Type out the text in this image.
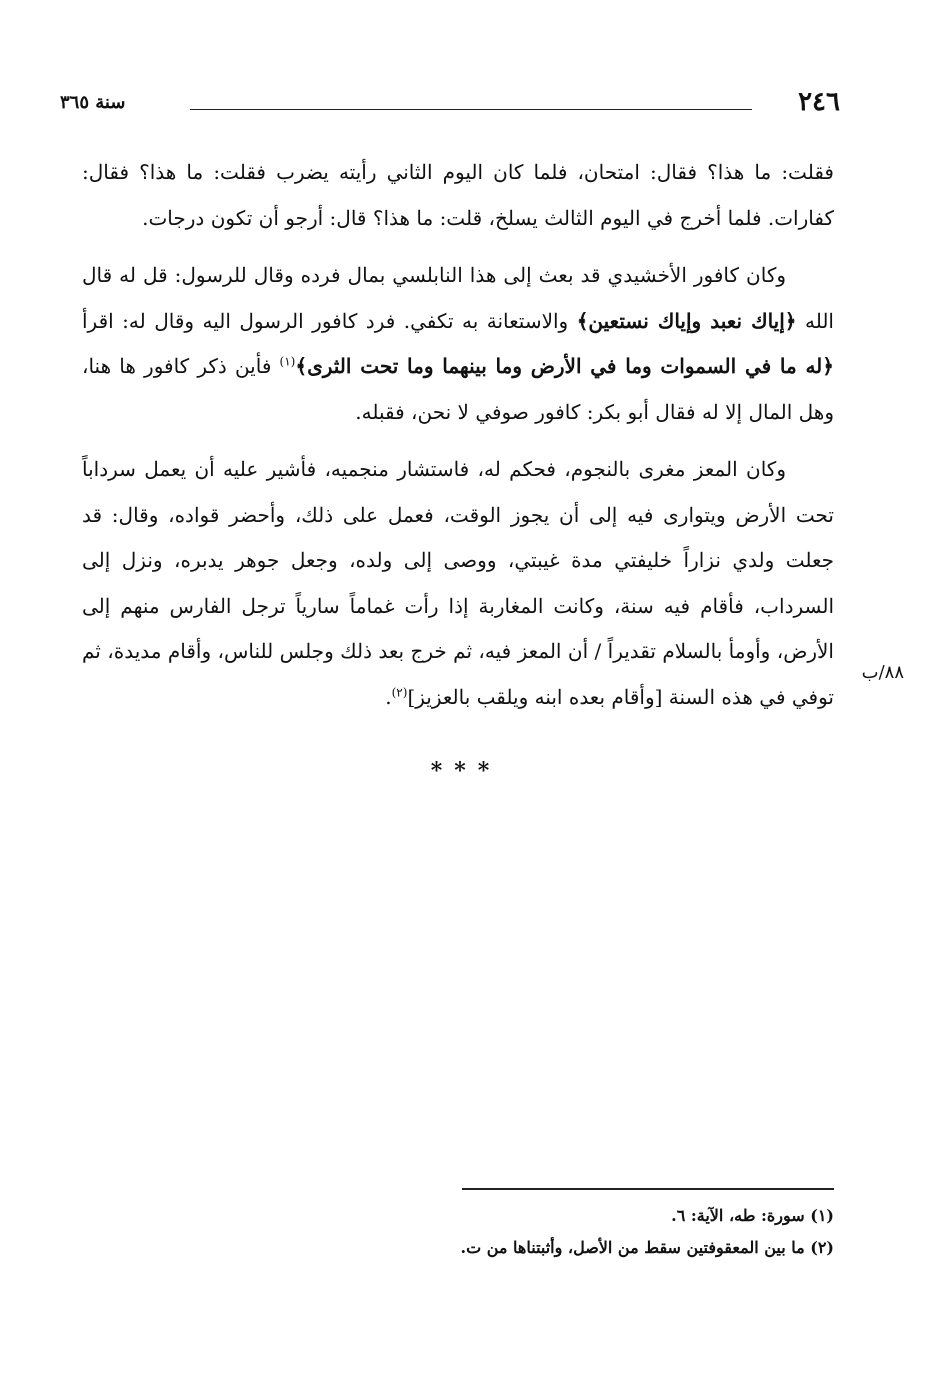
٢٤٦
سنة ٣٦٥

فقلت: ما هذا؟ فقال: امتحان، فلما كان اليوم الثاني رأيته يضرب فقلت: ما هذا؟ فقال: كفارات. فلما أخرج في اليوم الثالث يسلخ، قلت: ما هذا؟ قال: أرجو أن تكون درجات.

وكان كافور الأخشيدي قد بعث إلى هذا النابلسي بمال فرده وقال للرسول: قل له قال الله ﴿إياك نعبد وإياك نستعين﴾ والاستعانة به تكفي. فرد كافور الرسول اليه وقال له: اقرأ ﴿له ما في السموات وما في الأرض وما بينهما وما تحت الثرى﴾$^{(١)}$ فأين ذكر كافور ها هنا، وهل المال إلا له فقال أبو بكر: كافور صوفي لا نحن، فقبله.

وكان المعز مغرى بالنجوم، فحكم له، فاستشار منجميه، فأشير عليه أن يعمل سرداباً تحت الأرض ويتوارى فيه إلى أن يجوز الوقت، فعمل على ذلك، وأحضر قواده، وقال: قد جعلت ولدي نزاراً خليفتي مدة غيبتي، ووصى إلى ولده، وجعل جوهر يدبره، ونزل إلى السرداب، فأقام فيه سنة، وكانت المغاربة إذا رأت غماماً سارياً ترجل الفارس منهم إلى الأرض، وأومأ بالسلام تقديراً / أن المعز فيه، ثم خرج بعد ذلك وجلس للناس، وأقام مديدة، ثم توفي في هذه السنة [وأقام بعده ابنه ويلقب بالعزيز]$^{(٢)}$.

٨٨/ب
***

(١) سورة: طه، الآية: ٦.

(٢) ما بين المعقوفتين سقط من الأصل، وأثبتناها من ت.
